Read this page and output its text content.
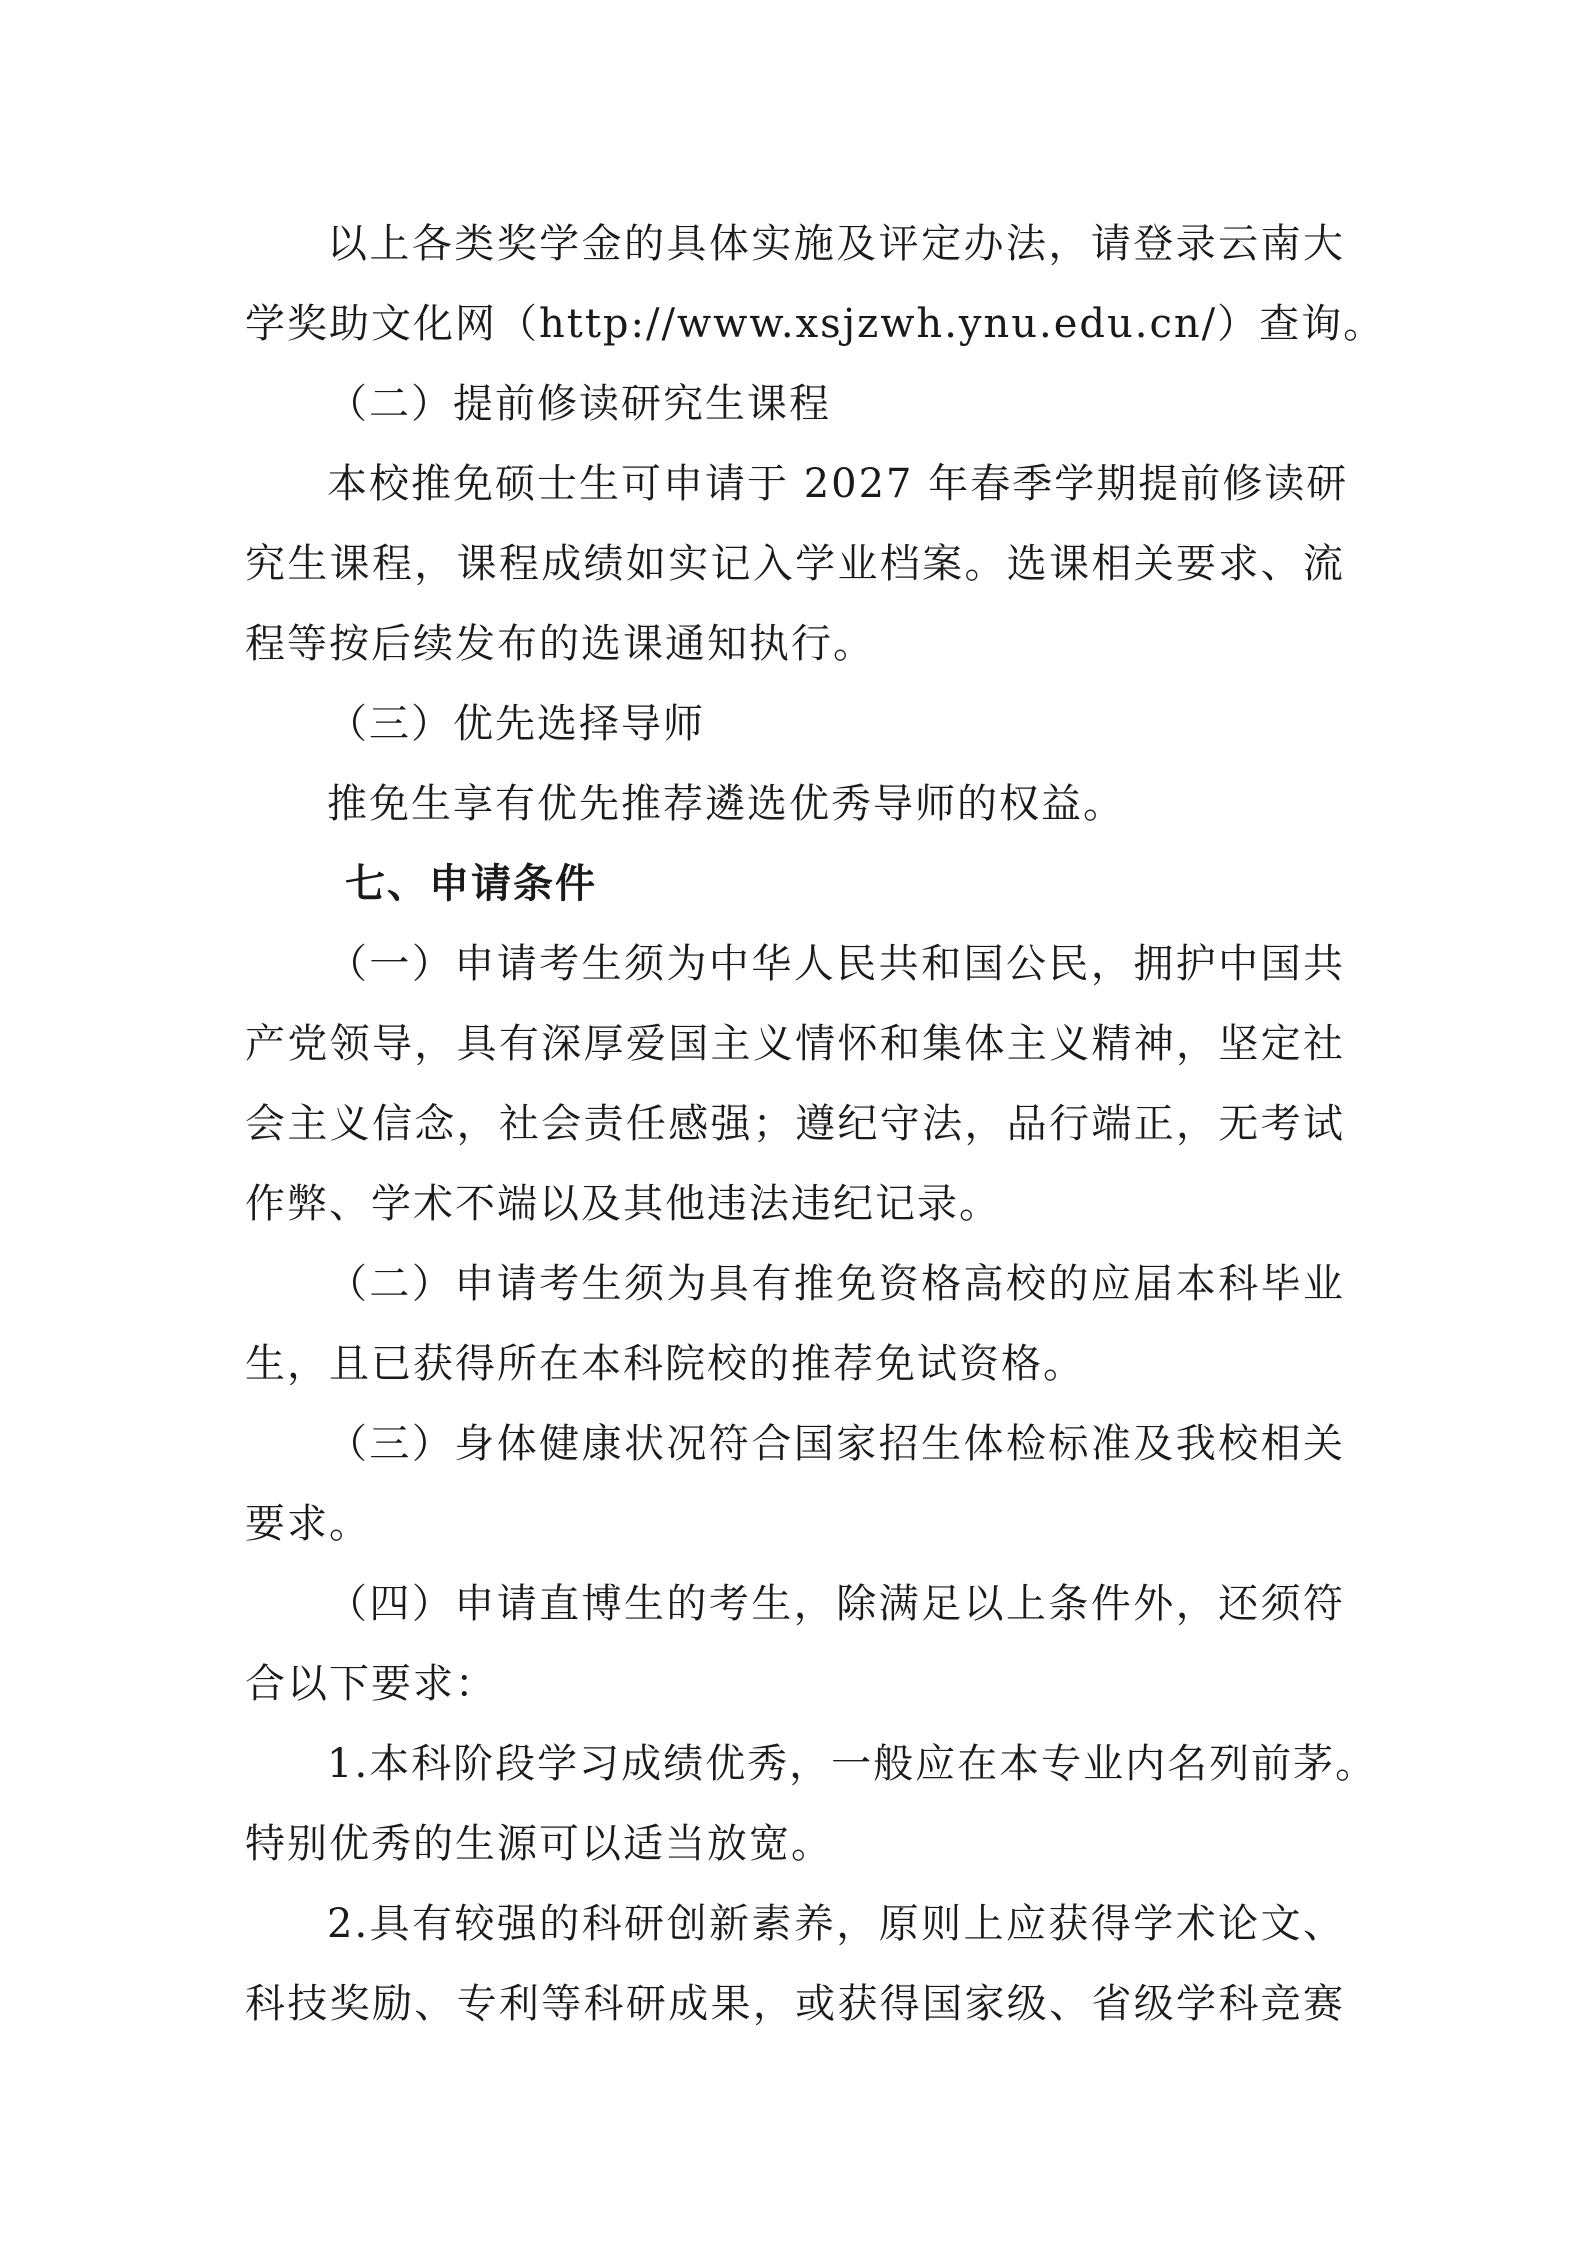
以上各类奖学金的具体实施及评定办法，请登录云南大
学奖助文化网（http://www.xsjzwh.ynu.edu.cn/）查询。
（二）提前修读研究生课程
本校推免硕士生可申请于 2027 年春季学期提前修读研
究生课程，课程成绩如实记入学业档案。选课相关要求、流
程等按后续发布的选课通知执行。
（三）优先选择导师
推免生享有优先推荐遴选优秀导师的权益。
七、申请条件
（一）申请考生须为中华人民共和国公民，拥护中国共
产党领导，具有深厚爱国主义情怀和集体主义精神，坚定社
会主义信念，社会责任感强；遵纪守法，品行端正，无考试
作弊、学术不端以及其他违法违纪记录。
（二）申请考生须为具有推免资格高校的应届本科毕业
生，且已获得所在本科院校的推荐免试资格。
（三）身体健康状况符合国家招生体检标准及我校相关
要求。
（四）申请直博生的考生，除满足以上条件外，还须符
合以下要求：
1.本科阶段学习成绩优秀，一般应在本专业内名列前茅。
特别优秀的生源可以适当放宽。
2.具有较强的科研创新素养，原则上应获得学术论文、
科技奖励、专利等科研成果，或获得国家级、省级学科竞赛
